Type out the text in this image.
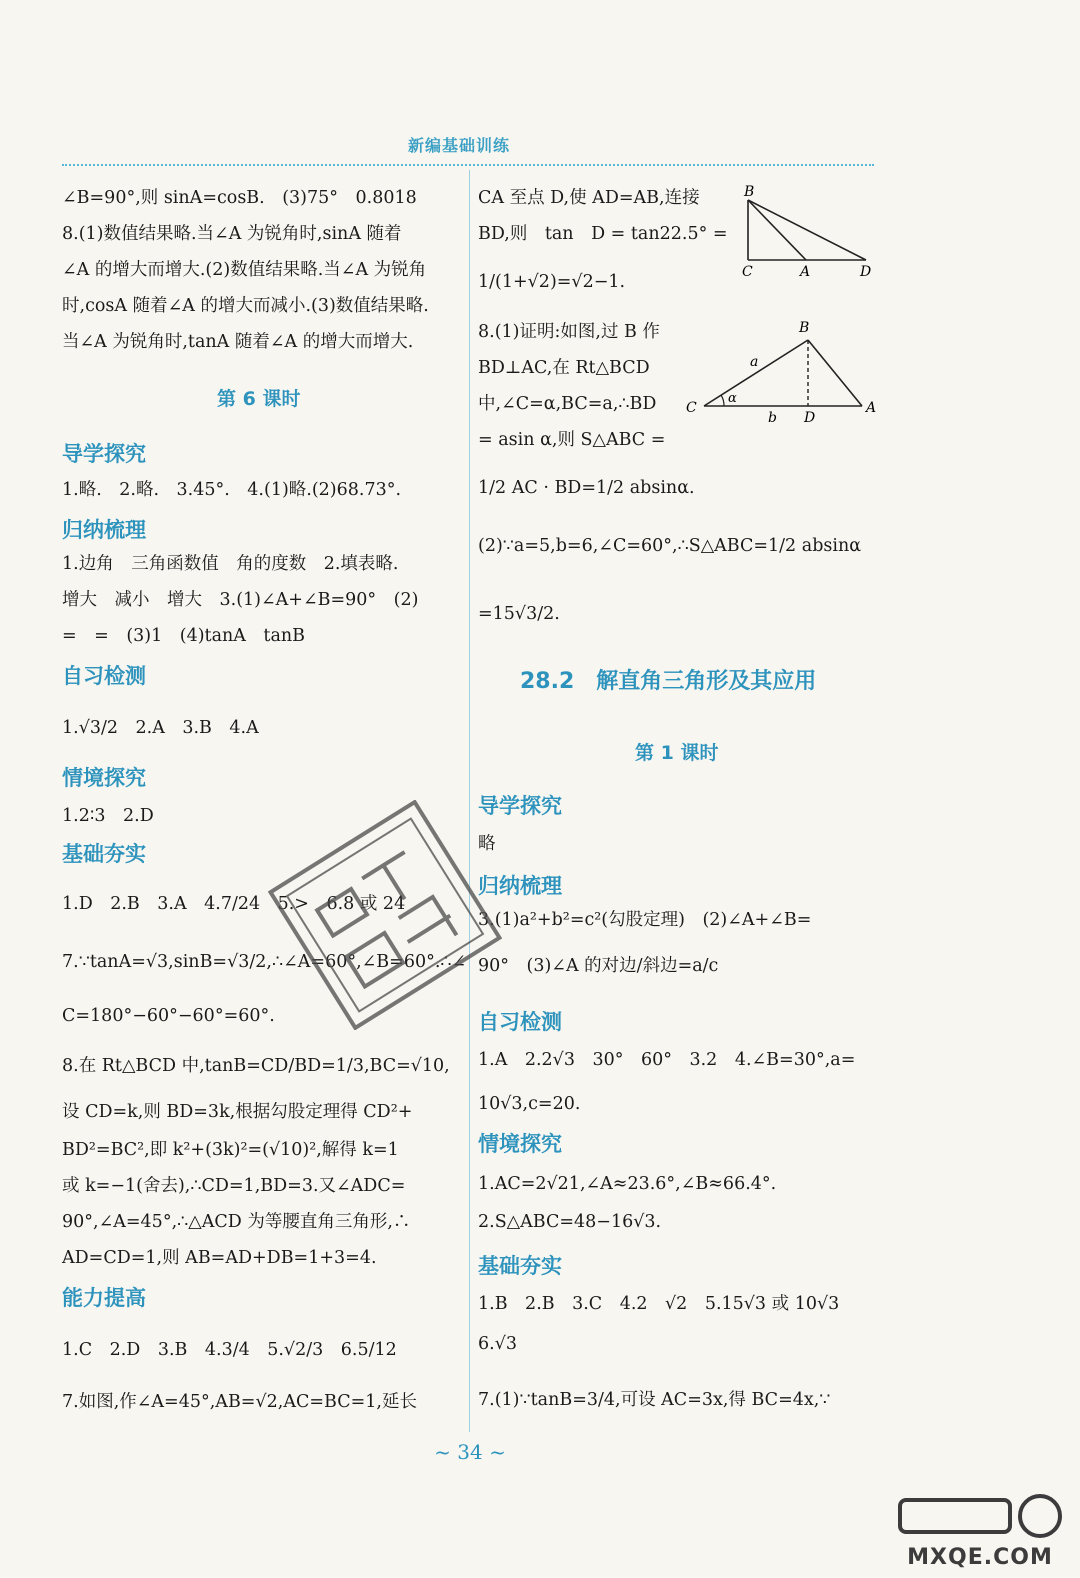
新编基础训练
∠B=90°,则 sinA=cosB.　(3)75°　0.8018
8.(1)数值结果略.当∠A 为锐角时,sinA 随着
∠A 的增大而增大.(2)数值结果略.当∠A 为锐角
时,cosA 随着∠A 的增大而减小.(3)数值结果略.
当∠A 为锐角时,tanA 随着∠A 的增大而增大.
第 6 课时
导学探究
1.略.　2.略.　3.45°.　4.(1)略.(2)68.73°.
归纳梳理
1.边角　三角函数值　角的度数　2.填表略.
增大　减小　增大　3.(1)∠A+∠B=90°　(2)
=　=　(3)1　(4)tanA　tanB
自习检测
1.√3/2　2.A　3.B　4.A
情境探究
1.2∶3　2.D
基础夯实
1.D　2.B　3.A　4.7/24　5.>　6.8 或 24
7.∵tanA=√3,sinB=√3/2,∴∠A=60°,∠B=60°.∴∠
C=180°−60°−60°=60°.
8.在 Rt△BCD 中,tanB=CD/BD=1/3,BC=√10,
设 CD=k,则 BD=3k,根据勾股定理得 CD²+
BD²=BC²,即 k²+(3k)²=(√10)²,解得 k=1
或 k=−1(舍去),∴CD=1,BD=3.又∠ADC=
90°,∠A=45°,∴△ACD 为等腰直角三角形,∴
AD=CD=1,则 AB=AD+DB=1+3=4.
能力提高
1.C　2.D　3.B　4.3/4　5.√2/3　6.5/12
7.如图,作∠A=45°,AB=√2,AC=BC=1,延长
CA 至点 D,使 AD=AB,连接
BD,则　tan　D = tan22.5° =
1/(1+√2)=√2−1.
8.(1)证明:如图,过 B 作
BD⊥AC,在 Rt△BCD
中,∠C=α,BC=a,∴BD
= asin α,则 S△ABC =
1/2 AC · BD=1/2 absinα.
(2)∵a=5,b=6,∠C=60°,∴S△ABC=1/2 absinα
=15√3/2.
28.2　解直角三角形及其应用
第 1 课时
导学探究
略
归纳梳理
3.(1)a²+b²=c²(勾股定理)　(2)∠A+∠B=
90°　(3)∠A 的对边/斜边=a/c
自习检测
1.A　2.2√3　30°　60°　3.2　4.∠B=30°,a=
10√3,c=20.
情境探究
1.AC=2√21,∠A≈23.6°,∠B≈66.4°.
2.S△ABC=48−16√3.
基础夯实
1.B　2.B　3.C　4.2　√2　5.15√3 或 10√3
6.√3
7.(1)∵tanB=3/4,可设 AC=3x,得 BC=4x,∵
B
C	A	D
B
C	A
D
a
b
α
~ 34 ~
MXQE.COM
